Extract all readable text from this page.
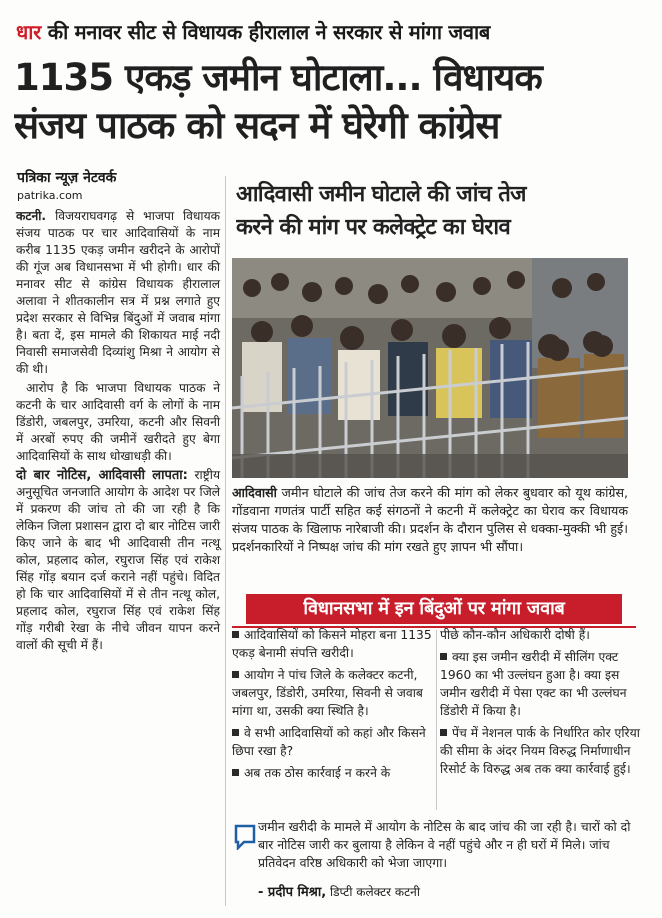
धार की मनावर सीट से विधायक हीरालाल ने सरकार से मांगा जवाब
1135 एकड़ जमीन घोटाला... विधायक
संजय पाठक को सदन में घेरेगी कांग्रेस
पत्रिका न्यूज़ नेटवर्क
patrika.com

कटनी. विजयराघवगढ़ से भाजपा विधायक संजय पाठक पर चार आदिवासियों के नाम करीब 1135 एकड़ जमीन खरीदने के आरोपों की गूंज अब विधानसभा में भी होगी। धार की मनावर सीट से कांग्रेस विधायक हीरालाल अलावा ने शीतकालीन सत्र में प्रश्न लगाते हुए प्रदेश सरकार से विभिन्न बिंदुओं में जवाब मांगा है। बता दें, इस मामले की शिकायत माई नदी निवासी समाजसेवी दिव्यांशु मिश्रा ने आयोग से की थी।

आरोप है कि भाजपा विधायक पाठक ने कटनी के चार आदिवासी वर्ग के लोगों के नाम डिंडोरी, जबलपुर, उमरिया, कटनी और सिवनी में अरबों रुपए की जमीनें खरीदते हुए बेगा आदिवासियों के साथ धोखाधड़ी की।

दो बार नोटिस, आदिवासी लापता: राष्ट्रीय अनुसूचित जनजाति आयोग के आदेश पर जिले में प्रकरण की जांच तो की जा रही है कि लेकिन जिला प्रशासन द्वारा दो बार नोटिस जारी किए जाने के बाद भी आदिवासी तीन नत्थू कोल, प्रहलाद कोल, रघुराज सिंह एवं राकेश सिंह गोंड़ बयान दर्ज कराने नहीं पहुंचे। विदित हो कि चार आदिवासियों में से तीन नत्थू कोल, प्रहलाद कोल, रघुराज सिंह एवं राकेश सिंह गोंड़ गरीबी रेखा के नीचे जीवन यापन करने वालों की सूची में हैं।

आदिवासी जमीन घोटाले की जांच तेज
करने की मांग पर कलेक्ट्रेट का घेराव
आदिवासी जमीन घोटाले की जांच तेज करने की मांग को लेकर बुधवार को यूथ कांग्रेस, गोंडवाना गणतंत्र पार्टी सहित कई संगठनों ने कटनी में कलेक्ट्रेट का घेराव कर विधायक संजय पाठक के खिलाफ नारेबाजी की। प्रदर्शन के दौरान पुलिस से धक्का-मुक्की भी हुई। प्रदर्शनकारियों ने निष्पक्ष जांच की मांग रखते हुए ज्ञापन भी सौंपा।
विधानसभा में इन बिंदुओं पर मांगा जवाब
आदिवासियों को किसने मोहरा बना 1135 एकड़ बेनामी संपत्ति खरीदी।
आयोग ने पांच जिले के कलेक्टर कटनी, जबलपुर, डिंडोरी, उमरिया, सिवनी से जवाब मांगा था, उसकी क्या स्थिति है।
वे सभी आदिवासियों को कहां और किसने छिपा रखा है?
अब तक ठोस कार्रवाई न करने के
पीछे कौन-कौन अधिकारी दोषी हैं।
क्या इस जमीन खरीदी में सीलिंग एक्ट 1960 का भी उल्लंघन हुआ है। क्या इस जमीन खरीदी में पेसा एक्ट का भी उल्लंघन डिंडोरी में किया है।
पेंच में नेशनल पार्क के निर्धारित कोर एरिया की सीमा के अंदर नियम विरुद्ध निर्माणाधीन रिसोर्ट के विरुद्ध अब तक क्या कार्रवाई हुई।
जमीन खरीदी के मामले में आयोग के नोटिस के बाद जांच की जा रही है। चारों को दो बार नोटिस जारी कर बुलाया है लेकिन वे नहीं पहुंचे और न ही घरों में मिले। जांच प्रतिवेदन वरिष्ठ अधिकारी को भेजा जाएगा।
- प्रदीप मिश्रा, डिप्टी कलेक्टर कटनी
